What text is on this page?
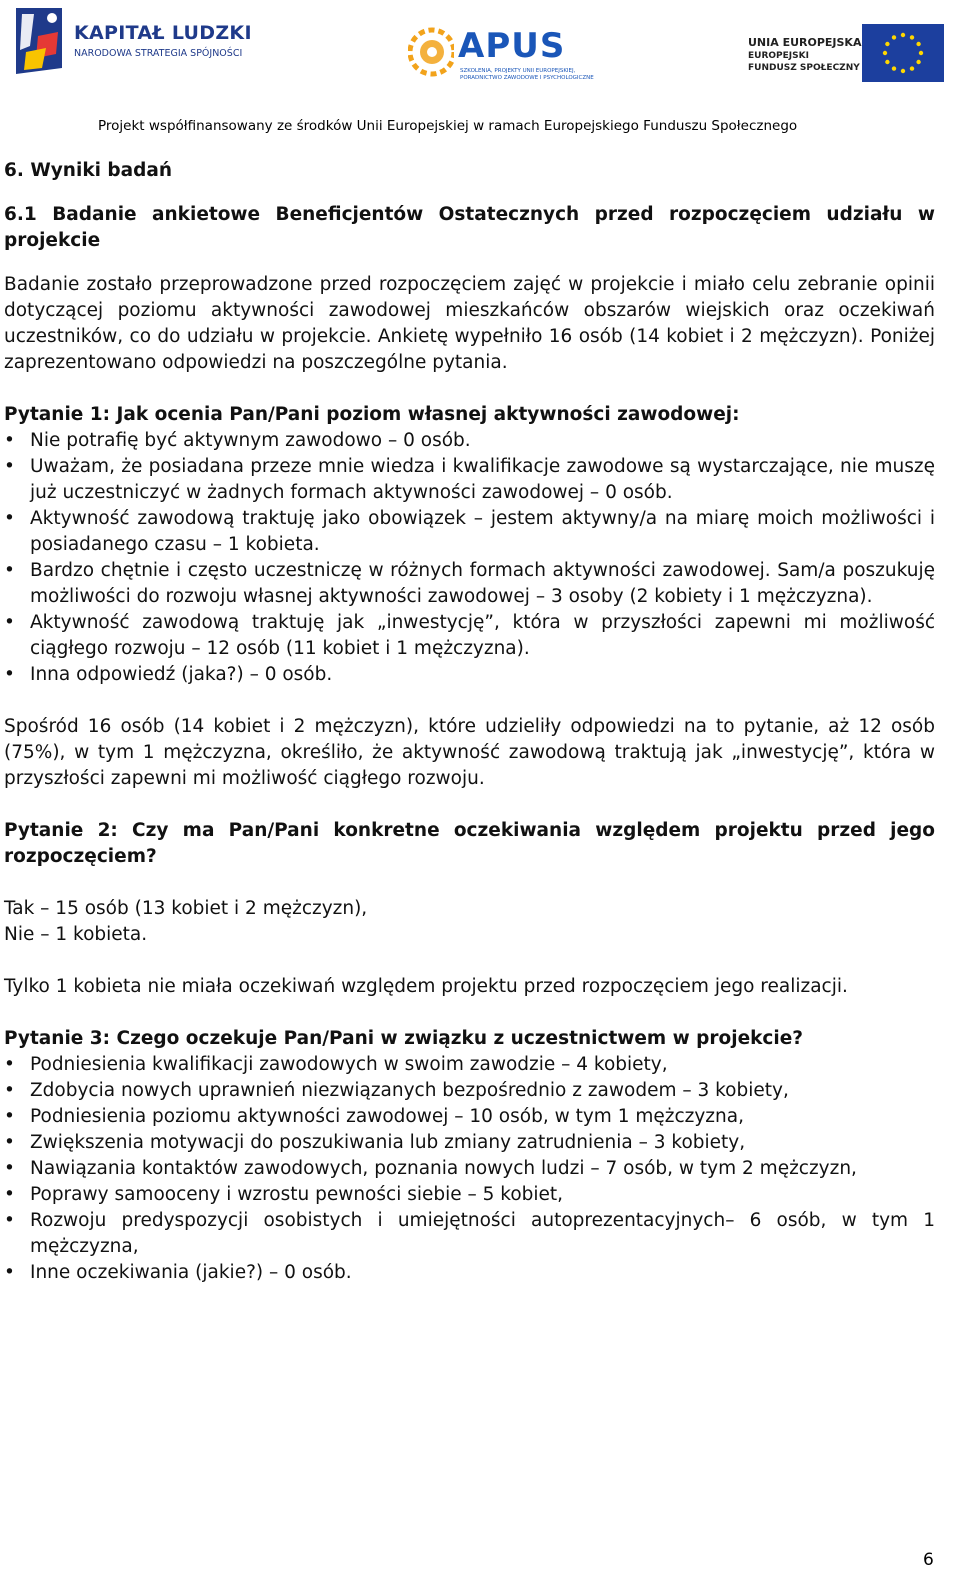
KAPITAŁ LUDZKI
NARODOWA STRATEGIA SPÓJNOŚCI	APUS
SZKOLENIA, PROJEKTY UNII EUROPEJSKIEJ,
PORADNICTWO ZAWODOWE I PSYCHOLOGICZNE
UNIA EUROPEJSKA
EUROPEJSKI
FUNDUSZ SPOŁECZNY
Projekt współfinansowany ze środków Unii Europejskiej w ramach Europejskiego Funduszu Społecznego
6. Wyniki badań
6.1 Badanie ankietowe Beneficjentów Ostatecznych przed rozpoczęciem udziału w projekcie
Badanie zostało przeprowadzone przed rozpoczęciem zajęć w projekcie i miało celu zebranie opinii dotyczącej poziomu aktywności zawodowej mieszkańców obszarów wiejskich oraz oczekiwań uczestników, co do udziału w projekcie. Ankietę wypełniło 16 osób (14 kobiet i 2 mężczyzn). Poniżej zaprezentowano odpowiedzi na poszczególne pytania.
Pytanie 1: Jak ocenia Pan/Pani poziom własnej aktywności zawodowej:
• Nie potrafię być aktywnym zawodowo – 0 osób.
• Uważam, że posiadana przeze mnie wiedza i kwalifikacje zawodowe są wystarczające, nie muszę już uczestniczyć w żadnych formach aktywności zawodowej – 0 osób.
• Aktywność zawodową traktuję jako obowiązek – jestem aktywny/a na miarę moich możliwości i posiadanego czasu – 1 kobieta.
• Bardzo chętnie i często uczestniczę w różnych formach aktywności zawodowej. Sam/a poszukuję możliwości do rozwoju własnej aktywności zawodowej – 3 osoby (2 kobiety i 1 mężczyzna).
• Aktywność zawodową traktuję jak „inwestycję”, która w przyszłości zapewni mi możliwość ciągłego rozwoju – 12 osób (11 kobiet i 1 mężczyzna).
• Inna odpowiedź (jaka?) – 0 osób.
Spośród 16 osób (14 kobiet i 2 mężczyzn), które udzieliły odpowiedzi na to pytanie, aż 12 osób (75%), w tym 1 mężczyzna, określiło, że aktywność zawodową traktują jak „inwestycję”, która w przyszłości zapewni mi możliwość ciągłego rozwoju.
Pytanie 2: Czy ma Pan/Pani konkretne oczekiwania względem projektu przed jego rozpoczęciem?
Tak – 15 osób (13 kobiet i 2 mężczyzn),
Nie – 1 kobieta.
Tylko 1 kobieta nie miała oczekiwań względem projektu przed rozpoczęciem jego realizacji.
Pytanie 3: Czego oczekuje Pan/Pani w związku z uczestnictwem w projekcie?
• Podniesienia kwalifikacji zawodowych w swoim zawodzie – 4 kobiety,
• Zdobycia nowych uprawnień niezwiązanych bezpośrednio z zawodem – 3 kobiety,
• Podniesienia poziomu aktywności zawodowej – 10 osób, w tym 1 mężczyzna,
• Zwiększenia motywacji do poszukiwania lub zmiany zatrudnienia – 3 kobiety,
• Nawiązania kontaktów zawodowych, poznania nowych ludzi – 7 osób, w tym 2 mężczyzn,
• Poprawy samooceny i wzrostu pewności siebie – 5 kobiet,
• Rozwoju predyspozycji osobistych i umiejętności autoprezentacyjnych– 6 osób, w tym 1 mężczyzna,
• Inne oczekiwania (jakie?) – 0 osób.
6
